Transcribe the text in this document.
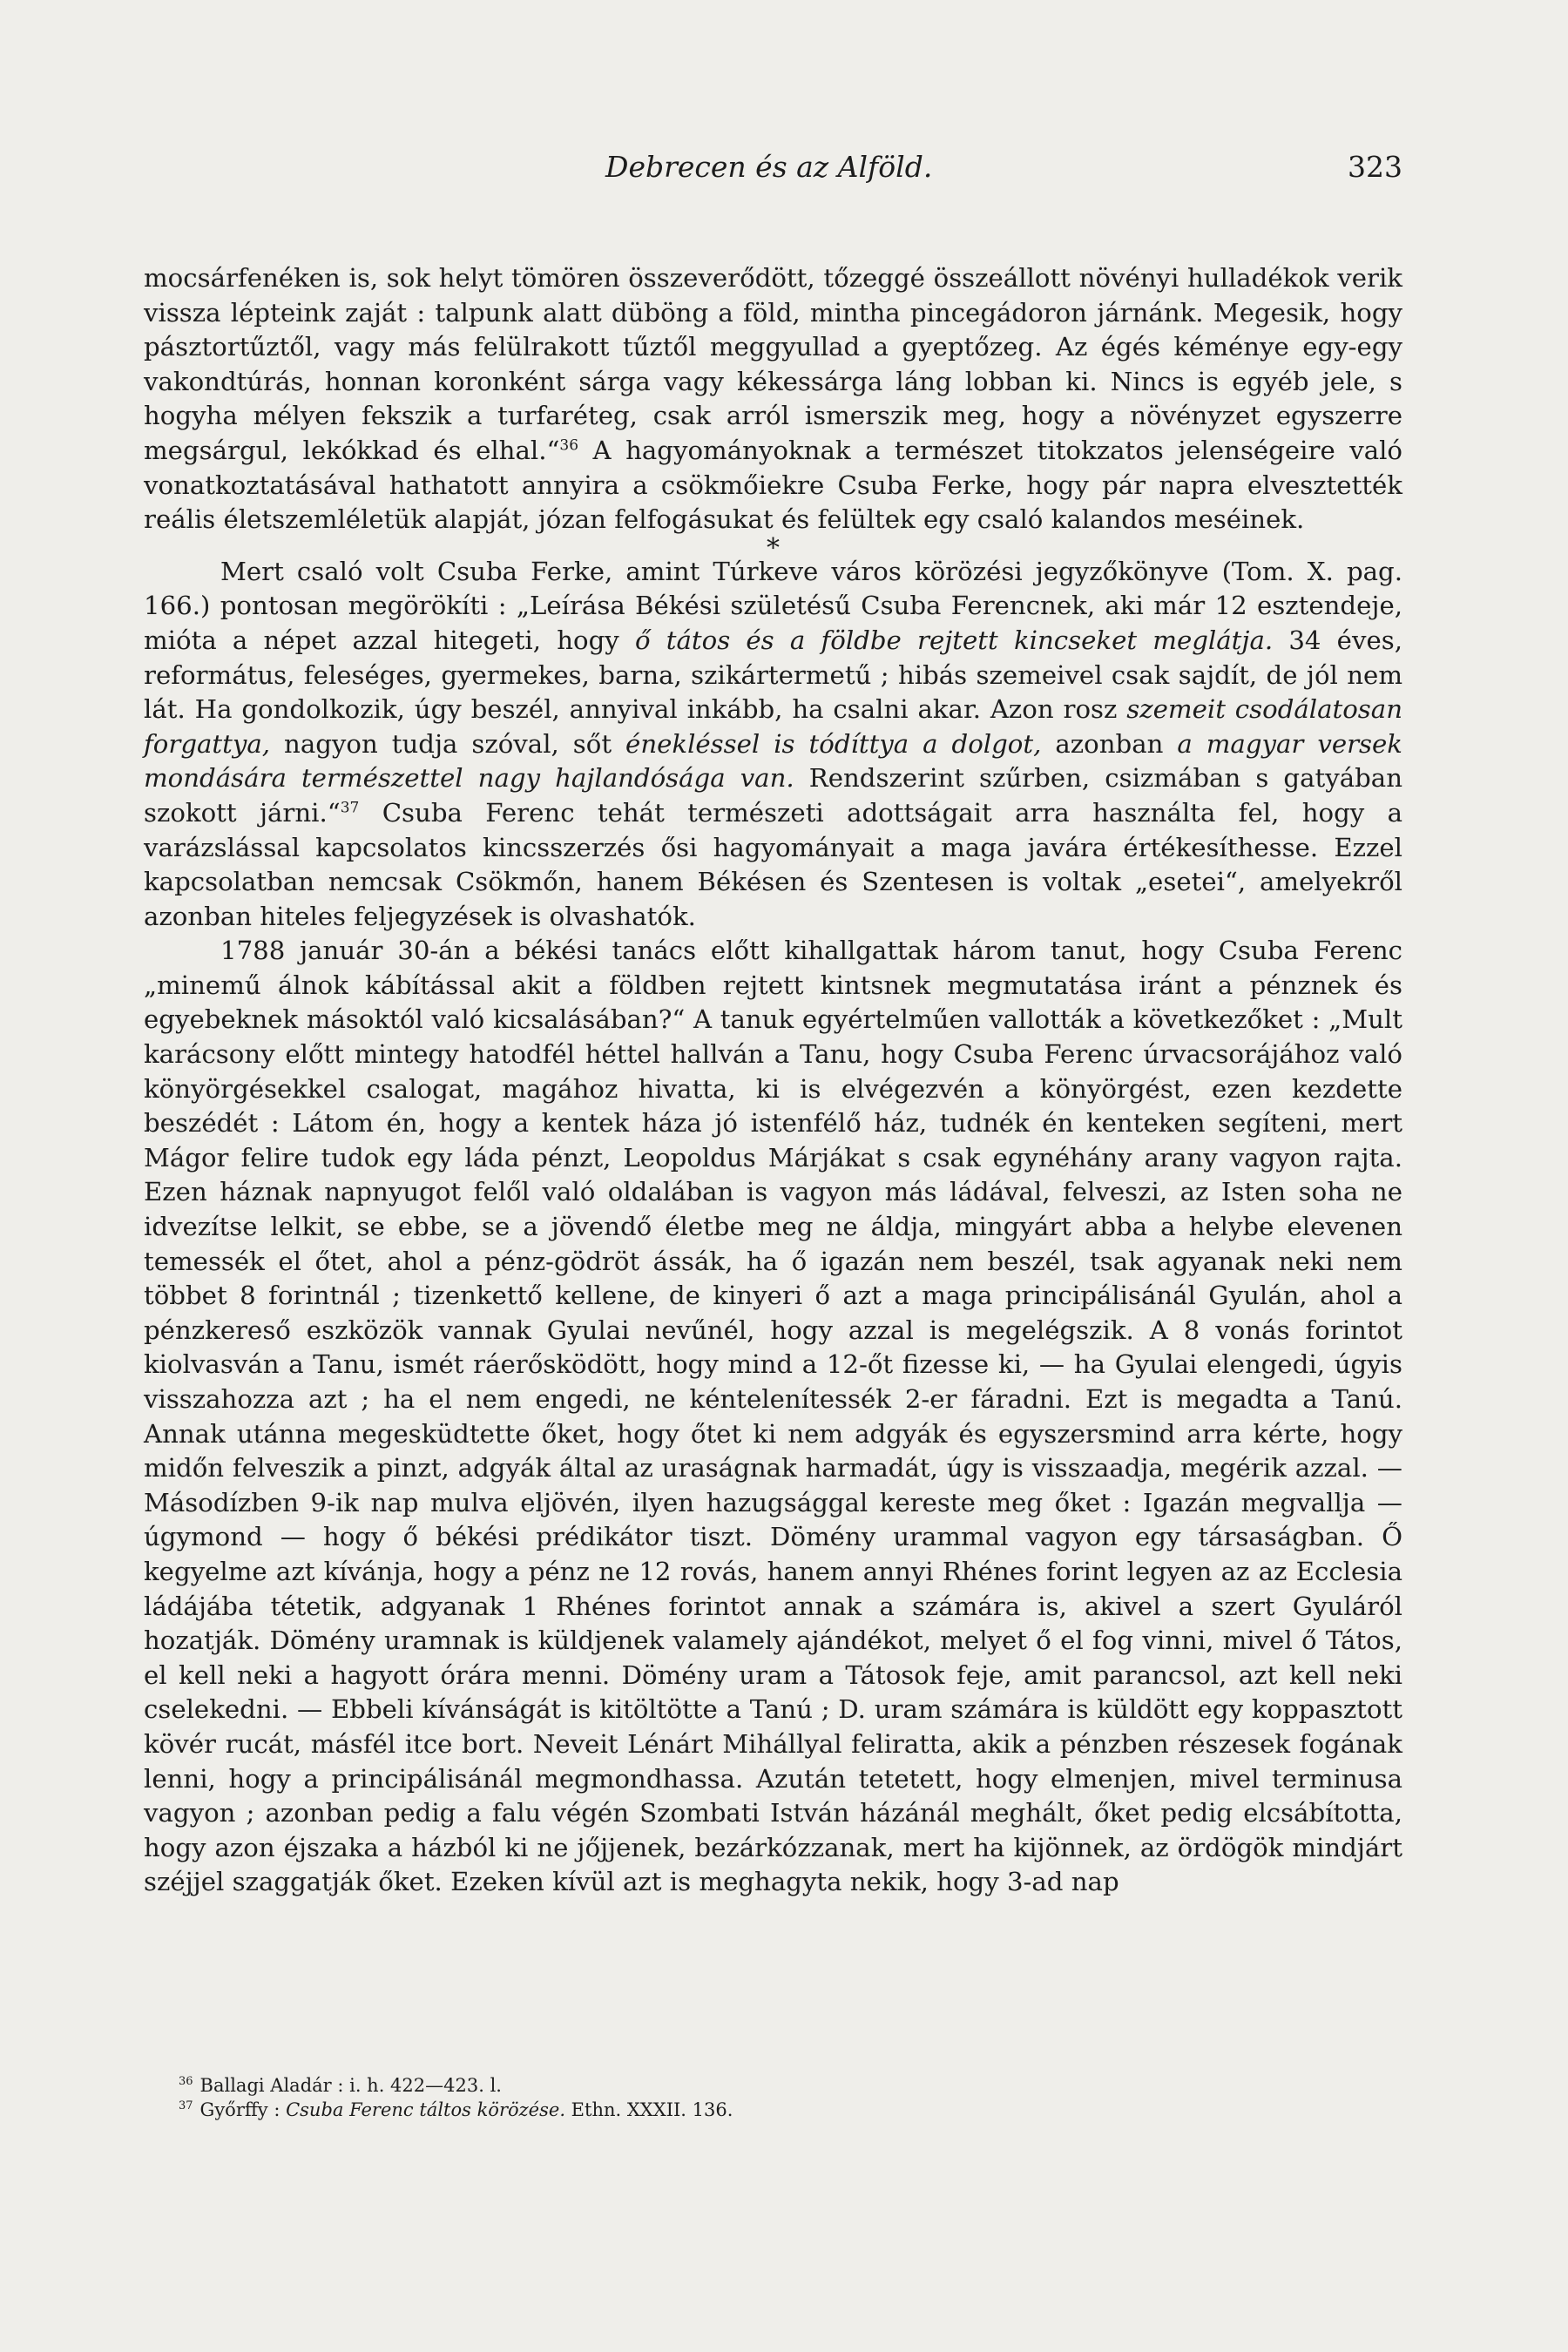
Debrecen és az Alföld.	323

mocsárfenéken is, sok helyt tömören összeverődött, tőzeggé összeállott növényi hulladékok verik vissza lépteink zaját : talpunk alatt düböng a föld, mintha pincegádoron járnánk. Megesik, hogy pásztortűztől, vagy más felülrakott tűztől meggyullad a gyeptőzeg. Az égés kéménye egy-egy vakondtúrás, honnan koronként sárga vagy kékessárga láng lobban ki. Nincs is egyéb jele, s hogyha mélyen fekszik a turfaréteg, csak arról ismerszik meg, hogy a növényzet egyszerre megsárgul, lekókkad és elhal.“$^{36}$ A hagyományoknak a természet titokzatos jelenségeire való vonatkoztatásával hathatott annyira a csökmőiekre Csuba Ferke, hogy pár napra elvesztették reális életszemléletük alapját, józan felfogásukat és felültek egy csaló kalandos meséinek.

*

Mert csaló volt Csuba Ferke, amint Túrkeve város körözési jegyzőkönyve (Tom. X. pag. 166.) pontosan megörökíti : „Leírása Békési születésű Csuba Ferencnek, aki már 12 esztendeje, mióta a népet azzal hitegeti, hogy ő tátos és a földbe rejtett kincseket meglátja. 34 éves, református, feleséges, gyermekes, barna, szikártermetű ; hibás szemeivel csak sajdít, de jól nem lát. Ha gondolkozik, úgy beszél, annyival inkább, ha csalni akar. Azon rosz szemeit csodálatosan forgattya, nagyon tudja szóval, sőt énekléssel is tódíttya a dolgot, azonban a magyar versek mondására természettel nagy hajlandósága van. Rendszerint szűrben, csizmában s gatyában szokott járni.“$^{37}$ Csuba Ferenc tehát természeti adottságait arra használta fel, hogy a varázslással kapcsolatos kincsszerzés ősi hagyományait a maga javára értékesíthesse. Ezzel kapcsolatban nemcsak Csökmőn, hanem Békésen és Szentesen is voltak „esetei“, amelyekről azonban hiteles feljegyzések is olvashatók.

1788 január 30-án a békési tanács előtt kihallgattak három tanut, hogy Csuba Ferenc „minemű álnok kábítással akit a földben rejtett kintsnek megmutatása iránt a pénznek és egyebeknek másoktól való kicsalásában?“ A tanuk egyértelműen vallották a következőket : „Mult karácsony előtt mintegy hatodfél héttel hallván a Tanu, hogy Csuba Ferenc úrvacsorájához való könyörgésekkel csalogat, magához hivatta, ki is elvégezvén a könyörgést, ezen kezdette beszédét : Látom én, hogy a kentek háza jó istenfélő ház, tudnék én kenteken segíteni, mert Mágor felire tudok egy láda pénzt, Leopoldus Márjákat s csak egynéhány arany vagyon rajta. Ezen háznak napnyugot felől való oldalában is vagyon más ládával, felveszi, az Isten soha ne idvezítse lelkit, se ebbe, se a jövendő életbe meg ne áldja, mingyárt abba a helybe elevenen temessék el őtet, ahol a pénz-gödröt ássák, ha ő igazán nem beszél, tsak agyanak neki nem többet 8 forintnál ; tizenkettő kellene, de kinyeri ő azt a maga principálisánál Gyulán, ahol a pénzkereső eszközök vannak Gyulai nevűnél, hogy azzal is megelégszik. A 8 vonás forintot kiolvasván a Tanu, ismét ráerősködött, hogy mind a 12-őt fizesse ki, — ha Gyulai elengedi, úgyis visszahozza azt ; ha el nem engedi, ne kéntelenítessék 2-er fáradni. Ezt is megadta a Tanú. Annak utánna megesküdtette őket, hogy őtet ki nem adgyák és egyszersmind arra kérte, hogy midőn felveszik a pinzt, adgyák által az uraságnak harmadát, úgy is visszaadja, megérik azzal. — Másodízben 9-ik nap mulva eljövén, ilyen hazugsággal kereste meg őket : Igazán megvallja — úgymond — hogy ő békési prédikátor tiszt. Dömény urammal vagyon egy társaságban. Ő kegyelme azt kívánja, hogy a pénz ne 12 rovás, hanem annyi Rhénes forint legyen az az Ecclesia ládájába tétetik, adgyanak 1 Rhénes forintot annak a számára is, akivel a szert Gyuláról hozatják. Dömény uramnak is küldjenek valamely ajándékot, melyet ő el fog vinni, mivel ő Tátos, el kell neki a hagyott órára menni. Dömény uram a Tátosok feje, amit parancsol, azt kell neki cselekedni. — Ebbeli kívánságát is kitöltötte a Tanú ; D. uram számára is küldött egy koppasztott kövér rucát, másfél itce bort. Neveit Lénárt Mihállyal feliratta, akik a pénzben részesek fogának lenni, hogy a principálisánál megmondhassa. Azután tetetett, hogy elmenjen, mivel terminusa vagyon ; azonban pedig a falu végén Szombati István házánál meghált, őket pedig elcsábította, hogy azon éjszaka a házból ki ne jőjjenek, bezárkózzanak, mert ha kijönnek, az ördögök mindjárt széjjel szaggatják őket. Ezeken kívül azt is meghagyta nekik, hogy 3-ad nap

$^{36}$ Ballagi Aladár : i. h. 422—423. l.
$^{37}$ Győrffy : Csuba Ferenc táltos körözése. Ethn. XXXII. 136.
